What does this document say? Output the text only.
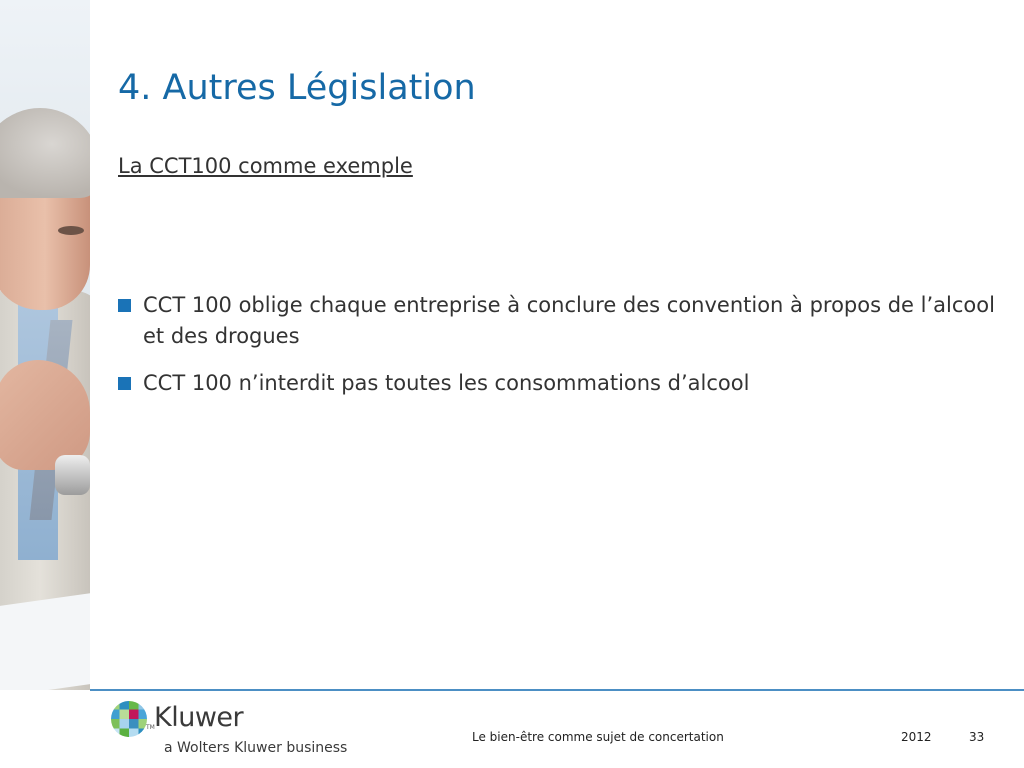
4. Autres Législation
La CCT100 comme exemple
CCT 100 oblige chaque entreprise à conclure des convention à propos de l’alcool et des drogues
CCT 100 n’interdit pas toutes les consommations d’alcool
TM Kluwer
a Wolters Kluwer business
Le bien-être comme sujet de concertation	2012	33
